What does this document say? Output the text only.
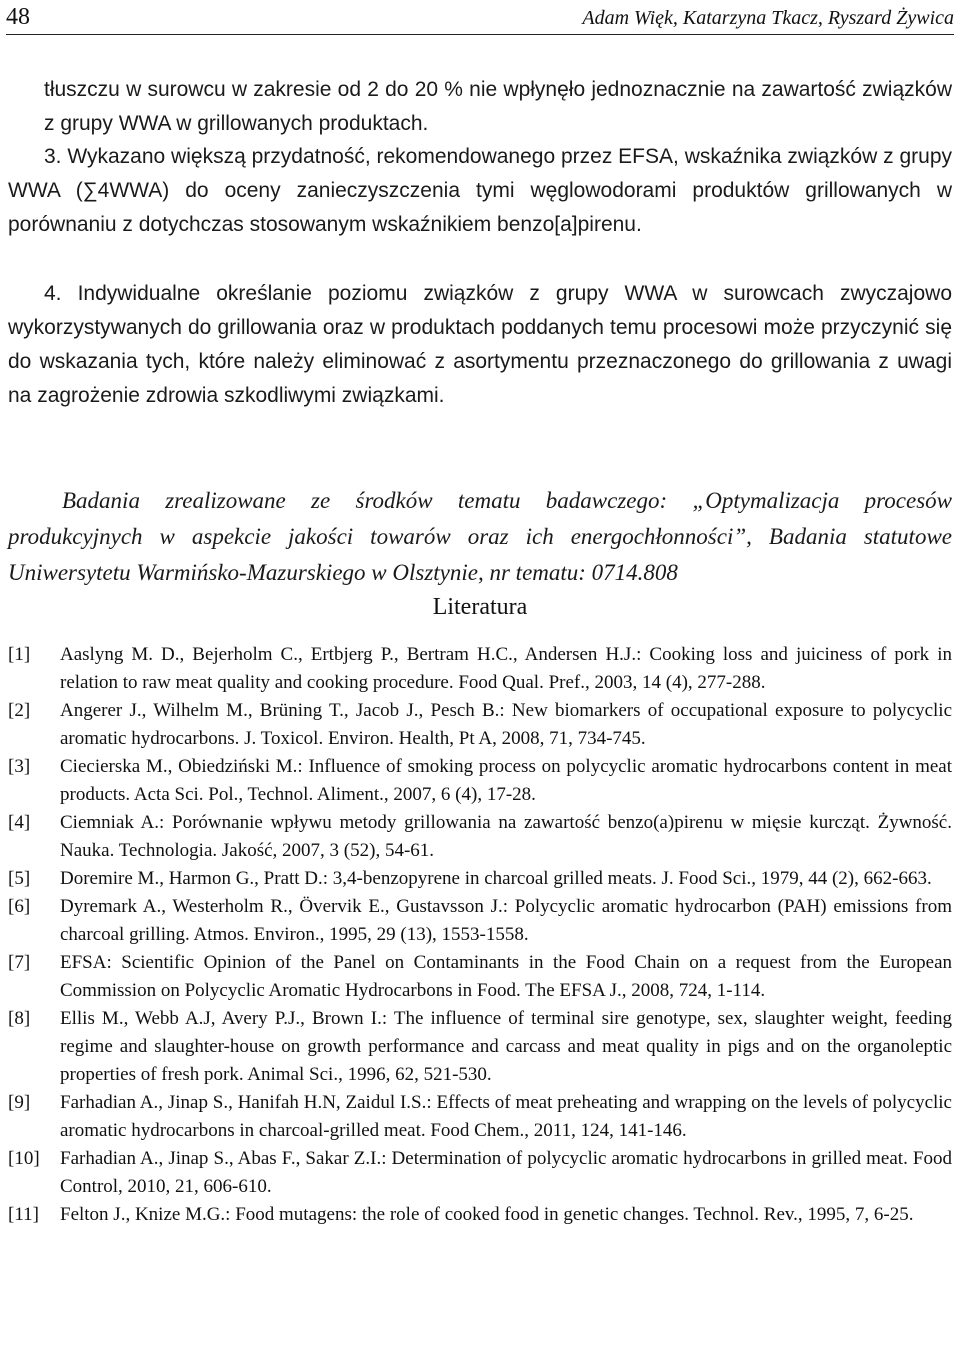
48	Adam Więk, Katarzyna Tkacz, Ryszard Żywica

tłuszczu w surowcu w zakresie od 2 do 20 % nie wpłynęło jednoznacznie na zawartość związków z grupy WWA w grillowanych produktach.

3. Wykazano większą przydatność, rekomendowanego przez EFSA, wskaźnika związków z grupy WWA (∑4WWA) do oceny zanieczyszczenia tymi węglowodorami produktów grillowanych w porównaniu z dotychczas stosowanym wskaźnikiem benzo[a]pirenu.

4. Indywidualne określanie poziomu związków z grupy WWA w surowcach zwyczajowo wykorzystywanych do grillowania oraz w produktach poddanych temu procesowi może przyczynić się do wskazania tych, które należy eliminować z asortymentu przeznaczonego do grillowania z uwagi na zagrożenie zdrowia szkodliwymi związkami.

Badania zrealizowane ze środków tematu badawczego: „Optymalizacja procesów produkcyjnych w aspekcie jakości towarów oraz ich energochłonności”, Badania statutowe Uniwersytetu Warmińsko-Mazurskiego w Olsztynie, nr tematu: 0714.808

Literatura
[1]	Aaslyng M. D., Bejerholm C., Ertbjerg P., Bertram H.C., Andersen H.J.: Cooking loss and juiciness of pork in relation to raw meat quality and cooking procedure. Food Qual. Pref., 2003, 14 (4), 277-288.
[2]	Angerer J., Wilhelm M., Brüning T., Jacob J., Pesch B.: New biomarkers of occupational exposure to polycyclic aromatic hydrocarbons. J. Toxicol. Environ. Health, Pt A, 2008, 71, 734-745.
[3]	Ciecierska M., Obiedziński M.: Influence of smoking process on polycyclic aromatic hydrocarbons content in meat products. Acta Sci. Pol., Technol. Aliment., 2007, 6 (4), 17-28.
[4]	Ciemniak A.: Porównanie wpływu metody grillowania na zawartość benzo(a)pirenu w mięsie kurcząt. Żywność. Nauka. Technologia. Jakość, 2007, 3 (52), 54-61.
[5]	Doremire M., Harmon G., Pratt D.: 3,4-benzopyrene in charcoal grilled meats. J. Food Sci., 1979, 44 (2), 662-663.
[6]	Dyremark A., Westerholm R., Övervik E., Gustavsson J.: Polycyclic aromatic hydrocarbon (PAH) emissions from charcoal grilling. Atmos. Environ., 1995, 29 (13), 1553-1558.
[7]	EFSA: Scientific Opinion of the Panel on Contaminants in the Food Chain on a request from the European Commission on Polycyclic Aromatic Hydrocarbons in Food. The EFSA J., 2008, 724, 1-114.
[8]	Ellis M., Webb A.J, Avery P.J., Brown I.: The influence of terminal sire genotype, sex, slaughter weight, feeding regime and slaughter-house on growth performance and carcass and meat quality in pigs and on the organoleptic properties of fresh pork. Animal Sci., 1996, 62, 521-530.
[9]	Farhadian A., Jinap S., Hanifah H.N, Zaidul I.S.: Effects of meat preheating and wrapping on the levels of polycyclic aromatic hydrocarbons in charcoal-grilled meat. Food Chem., 2011, 124, 141-146.
[10]	Farhadian A., Jinap S., Abas F., Sakar Z.I.: Determination of polycyclic aromatic hydrocarbons in grilled meat. Food Control, 2010, 21, 606-610.
[11]	Felton J., Knize M.G.: Food mutagens: the role of cooked food in genetic changes. Technol. Rev., 1995, 7, 6-25.
